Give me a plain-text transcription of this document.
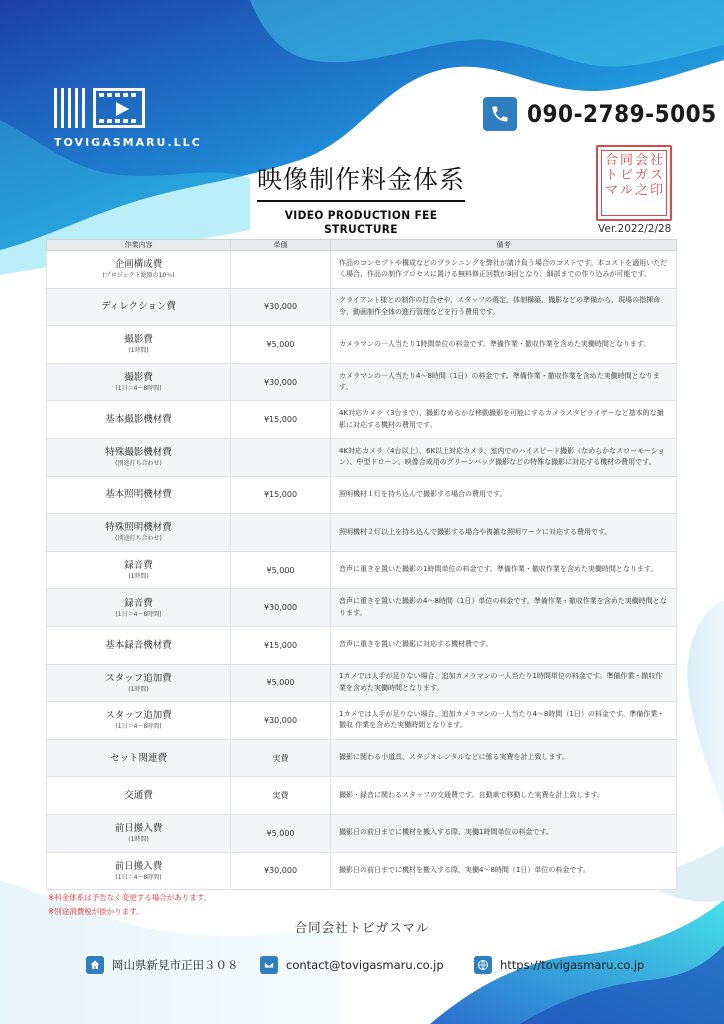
TOVIGASMARU.LLC
090-2789-5005
映像制作料金体系
VIDEO PRODUCTION FEE STRUCTURE
合 同 会 社
ト ビ ガ ス
マ ル 之 印
Ver.2022/2/28
作業内容	単価	備考

企画構成費
(プロジェクト総額の10％)		作品のコンセプトや構成などのプランニングを弊社が請け負う場合のコストです。本コストを適用いただく場合、作品の制作プロセスに置ける無料修正回数が3回となり、細部までの作り込みが可能です。

ディレクション費	¥30,000	クライアント様との制作の打合せや、スタッフの選定、体制構築、撮影などの準備から、現場の指揮命令、動画制作全体の進行管理などを行う費用です。

撮影費
(1時間)	¥5,000	カメラマンの一人当たり1時間単位の料金です。準備作業・撤収作業を含めた実働時間となります。

撮影費
(1日＝4〜8時間)	¥30,000	カメラマンの一人当たり4〜8時間（1日）の料金です。準備作業・撤収作業を含めた実働時間となります。

基本撮影機材費	¥15,000	4K対応カメラ（3台まで）、撮影なめらかな移動撮影を可能にするカメラスタビライザーなど基本的な撮影に対応する機材の費用です。

特殊撮影機材費
(別途打ち合わせ)		4K対応カメラ（4台以上）、6K以上対応カメラ、室内でのハイスピード撮影（なめらかなスローモーション）、中型ドローン、映像合成用のグリーンバック撮影などの特殊な撮影に対応する機材の費用です。

基本照明機材費	¥15,000	照明機材１灯を持ち込んで撮影する場合の費用です。

特殊照明機材費
(別途打ち合わせ)		照明機材２灯以上を持ち込んで撮影する場合や複雑な照明ワークに対応する費用です。

録音費
(1時間)	¥5,000	音声に重きを置いた撮影の1時間単位の料金です。準備作業・撤収作業を含めた実働時間となります。

録音費
(1日＝4〜8時間)	¥30,000	音声に重きを置いた撮影の4〜8時間（1日）単位の料金です。準備作業・撤収作業を含めた実働時間となります。

基本録音機材費	¥15,000	音声に重きを置いた撮影に対応する機材費です。

スタッフ追加費
(1時間)	¥5,000	1カメでは人手が足りない場合、追加カメラマンの一人当たり1時間単位の料金です。準備作業・撤収作業を含めた実働時間となります。

スタッフ追加費
(1日＝4〜8時間)	¥30,000	1カメでは人手が足りない場合、追加カメラマンの一人当たり4〜8時間（1日）の料金です。準備作業・撤収 作業を含めた実働時間となります。

セット関連費	実費	撮影に関わる小道具、スタジオレンタルなどに係る実費を計上致します。

交通費	実費	撮影・録音に関わるスタッフの交通費です。自動車で移動した実費を計上致します。

前日搬入費
(1時間)	¥5,000	撮影日の前日までに機材を搬入する際、実働1時間単位の料金です。

前日搬入費
(1日＝4〜8時間)	¥30,000	撮影日の前日までに機材を搬入する際、実働4〜8時間（1日）単位の料金です。
※料金体系は予告なく変更する場合があります。
※別途消費税が掛かります。
合同会社トビガスマル
岡山県新見市正田３０８	contact@tovigasmaru.co.jp	https://tovigasmaru.co.jp
